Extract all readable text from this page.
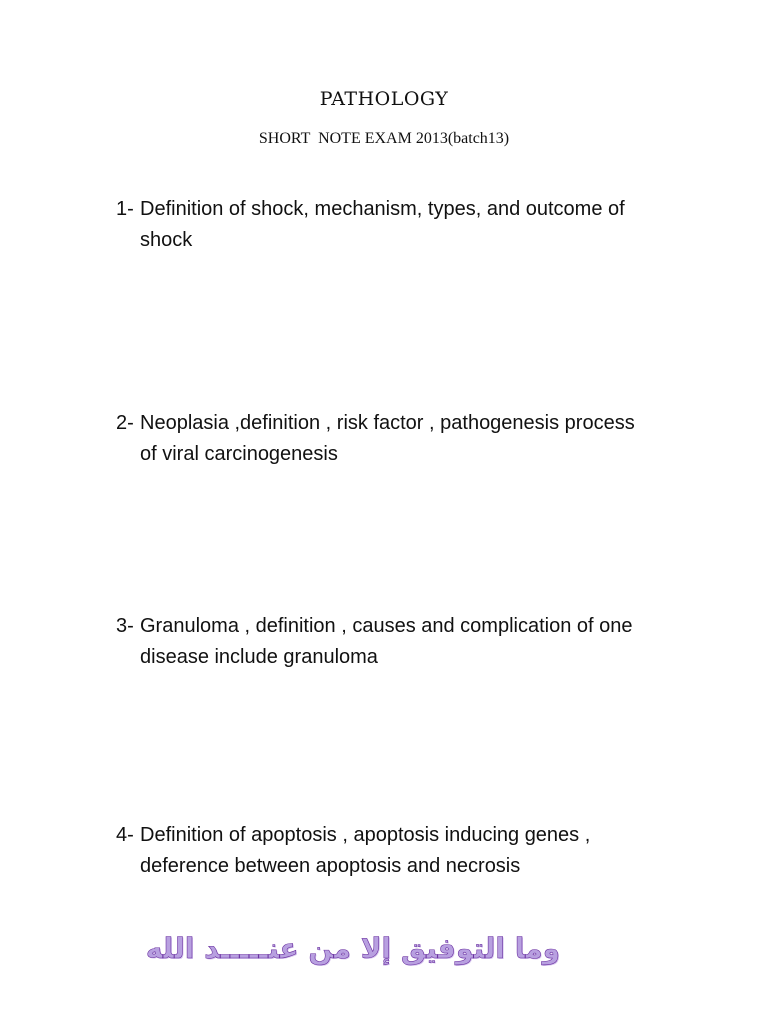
PATHOLOGY
SHORT  NOTE EXAM 2013(batch13)
1- Definition of shock, mechanism, types, and outcome of shock
2- Neoplasia ,definition , risk factor , pathogenesis process of viral carcinogenesis
3- Granuloma , definition , causes and complication of one disease include granuloma
4- Definition of apoptosis , apoptosis inducing genes , deference between apoptosis and necrosis
وما التوفيق إلا من عنـــــد الله
